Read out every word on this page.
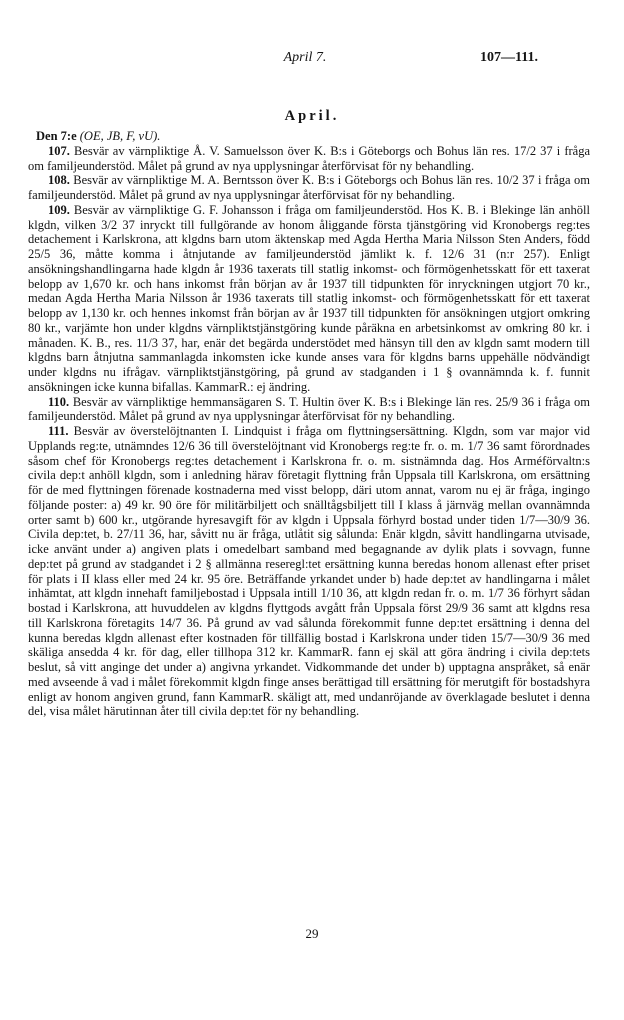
April 7.	107—111.
April.

Den 7:e (OE, JB, F, vU).

107. Besvär av värnpliktige Å. V. Samuelsson över K. B:s i Göteborgs och Bohus län res. 17/2 37 i fråga om familjeunderstöd. Målet på grund av nya upplysningar återförvisat för ny behandling.

108. Besvär av värnpliktige M. A. Berntsson över K. B:s i Göteborgs och Bohus län res. 10/2 37 i fråga om familjeunderstöd. Målet på grund av nya upplysningar återförvisat för ny behandling.

109. Besvär av värnpliktige G. F. Johansson i fråga om familjeunderstöd. Hos K. B. i Blekinge län anhöll klgdn, vilken 3/2 37 inryckt till fullgörande av honom åliggande första tjänstgöring vid Kronobergs reg:tes detachement i Karlskrona, att klgdns barn utom äktenskap med Agda Hertha Maria Nilsson Sten Anders, född 25/5 36, måtte komma i åtnjutande av familjeunderstöd jämlikt k. f. 12/6 31 (n:r 257). Enligt ansökningshandlingarna hade klgdn år 1936 taxerats till statlig inkomst- och förmögenhetsskatt för ett taxerat belopp av 1,670 kr. och hans inkomst från början av år 1937 till tidpunkten för inryckningen utgjort 70 kr., medan Agda Hertha Maria Nilsson år 1936 taxerats till statlig inkomst- och förmögenhetsskatt för ett taxerat belopp av 1,130 kr. och hennes inkomst från början av år 1937 till tidpunkten för ansökningen utgjort omkring 80 kr., varjämte hon under klgdns värnpliktstjänstgöring kunde påräkna en arbetsinkomst av omkring 80 kr. i månaden. K. B., res. 11/3 37, har, enär det begärda understödet med hänsyn till den av klgdn samt modern till klgdns barn åtnjutna sammanlagda inkomsten icke kunde anses vara för klgdns barns uppehälle nödvändigt under klgdns nu ifrågav. värnpliktstjänstgöring, på grund av stadganden i 1 § ovannämnda k. f. funnit ansökningen icke kunna bifallas. KammarR.: ej ändring.

110. Besvär av värnpliktige hemmansägaren S. T. Hultin över K. B:s i Blekinge län res. 25/9 36 i fråga om familjeunderstöd. Målet på grund av nya upplysningar återförvisat för ny behandling.

111. Besvär av överstelöjtnanten I. Lindquist i fråga om flyttningsersättning. Klgdn, som var major vid Upplands reg:te, utnämndes 12/6 36 till överstelöjtnant vid Kronobergs reg:te fr. o. m. 1/7 36 samt förordnades såsom chef för Kronobergs reg:tes detachement i Karlskrona fr. o. m. sistnämnda dag. Hos Arméförvaltn:s civila dep:t anhöll klgdn, som i anledning härav företagit flyttning från Uppsala till Karlskrona, om ersättning för de med flyttningen förenade kostnaderna med visst belopp, däri utom annat, varom nu ej är fråga, ingingo följande poster: a) 49 kr. 90 öre för militärbiljett och snälltågsbiljett till I klass å järnväg mellan ovannämnda orter samt b) 600 kr., utgörande hyresavgift för av klgdn i Uppsala förhyrd bostad under tiden 1/7—30/9 36. Civila dep:tet, b. 27/11 36, har, såvitt nu är fråga, utlåtit sig sålunda: Enär klgdn, såvitt handlingarna utvisade, icke använt under a) angiven plats i omedelbart samband med begagnande av dylik plats i sovvagn, funne dep:tet på grund av stadgandet i 2 § allmänna reseregl:tet ersättning kunna beredas honom allenast efter priset för plats i II klass eller med 24 kr. 95 öre. Beträffande yrkandet under b) hade dep:tet av handlingarna i målet inhämtat, att klgdn innehaft familjebostad i Uppsala intill 1/10 36, att klgdn redan fr. o. m. 1/7 36 förhyrt sådan bostad i Karlskrona, att huvuddelen av klgdns flyttgods avgått från Uppsala först 29/9 36 samt att klgdns resa till Karlskrona företagits 14/7 36. På grund av vad sålunda förekommit funne dep:tet ersättning i denna del kunna beredas klgdn allenast efter kostnaden för tillfällig bostad i Karlskrona under tiden 15/7—30/9 36 med skäliga ansedda 4 kr. för dag, eller tillhopa 312 kr. KammarR. fann ej skäl att göra ändring i civila dep:tets beslut, så vitt anginge det under a) angivna yrkandet. Vidkommande det under b) upptagna anspråket, så enär med avseende å vad i målet förekommit klgdn finge anses berättigad till ersättning för merutgift för bostadshyra enligt av honom angiven grund, fann KammarR. skäligt att, med undanröjande av överklagade beslutet i denna del, visa målet härutinnan åter till civila dep:tet för ny behandling.

29
